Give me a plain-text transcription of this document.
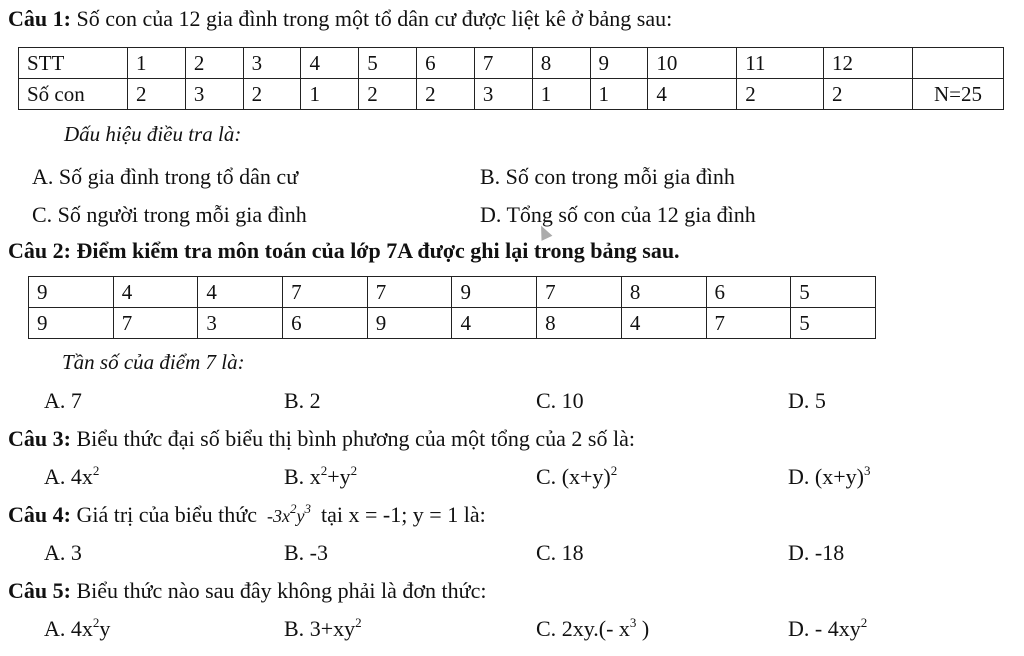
Câu 1: Số con của 12 gia đình trong một tổ dân cư được liệt kê ở bảng sau:
STT	1	2	3	4	5	6	7	8	9	10	11	12	
Số con	2	3	2	1	2	2	3	1	1	4	2	2	N=25
Dấu hiệu điều tra là:
A. Số gia đình trong tổ dân cư	B. Số con trong mỗi gia đình
C. Số người trong mỗi gia đình	D. Tổng số con của 12 gia đình
Câu 2: Điểm kiểm tra môn toán của lớp 7A được ghi lại trong bảng sau.
9	4	4	7	7	9	7	8	6	5
9	7	3	6	9	4	8	4	7	5
Tần số của điểm 7 là:
A. 7	B. 2	C. 10	D. 5
Câu 3: Biểu thức đại số biểu thị bình phương của một tổng của 2 số là:
A. $4x^2$	B. $x^2+y^2$	C. $(x+y)^2$	D. $(x+y)^3$
Câu 4: Giá trị của biểu thức  $-3x^2y^3$ tại x = -1; y = 1 là:
A. 3	B. -3	C. 18	D. -18
Câu 5: Biểu thức nào sau đây không phải là đơn thức:
A. $4x^2y$	B. $3+xy^2$	C. 2xy.(- $x^3$ )	D. - $4xy^2$
